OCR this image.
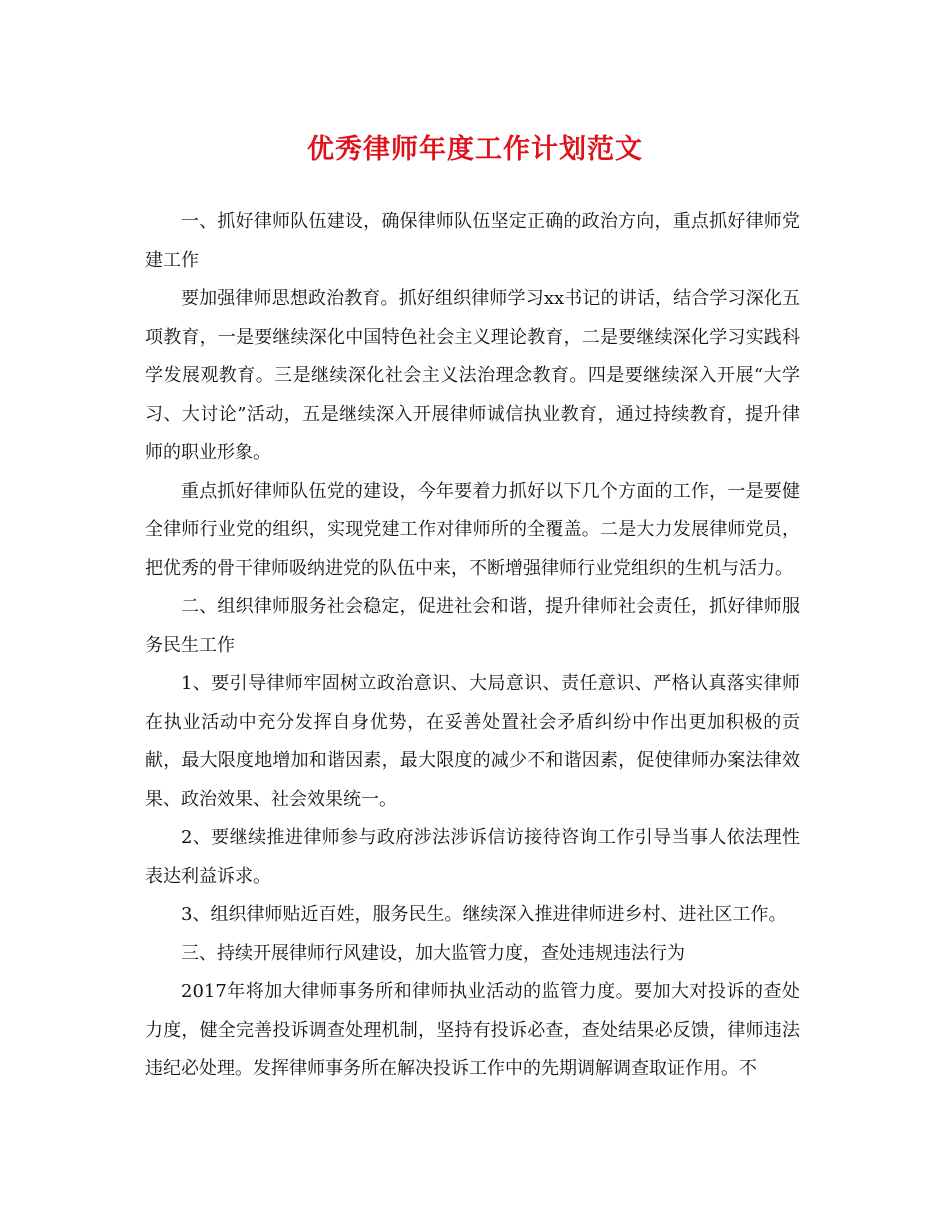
优秀律师年度工作计划范文

一、抓好律师队伍建设，确保律师队伍坚定正确的政治方向，重点抓好律师党建工作

要加强律师思想政治教育。抓好组织律师学习xx书记的讲话，结合学习深化五项教育，一是要继续深化中国特色社会主义理论教育，二是要继续深化学习实践科学发展观教育。三是继续深化社会主义法治理念教育。四是要继续深入开展“大学习、大讨论”活动，五是继续深入开展律师诚信执业教育，通过持续教育，提升律师的职业形象。

重点抓好律师队伍党的建设，今年要着力抓好以下几个方面的工作，一是要健全律师行业党的组织，实现党建工作对律师所的全覆盖。二是大力发展律师党员，把优秀的骨干律师吸纳进党的队伍中来，不断增强律师行业党组织的生机与活力。

二、组织律师服务社会稳定，促进社会和谐，提升律师社会责任，抓好律师服务民生工作

1、要引导律师牢固树立政治意识、大局意识、责任意识、严格认真落实律师在执业活动中充分发挥自身优势，在妥善处置社会矛盾纠纷中作出更加积极的贡献，最大限度地增加和谐因素，最大限度的减少不和谐因素，促使律师办案法律效果、政治效果、社会效果统一。

2、要继续推进律师参与政府涉法涉诉信访接待咨询工作引导当事人依法理性表达利益诉求。

3、组织律师贴近百姓，服务民生。继续深入推进律师进乡村、进社区工作。

三、持续开展律师行风建设，加大监管力度，查处违规违法行为

2017年将加大律师事务所和律师执业活动的监管力度。要加大对投诉的查处力度，健全完善投诉调查处理机制，坚持有投诉必查，查处结果必反馈，律师违法违纪必处理。发挥律师事务所在解决投诉工作中的先期调解调查取证作用。不
